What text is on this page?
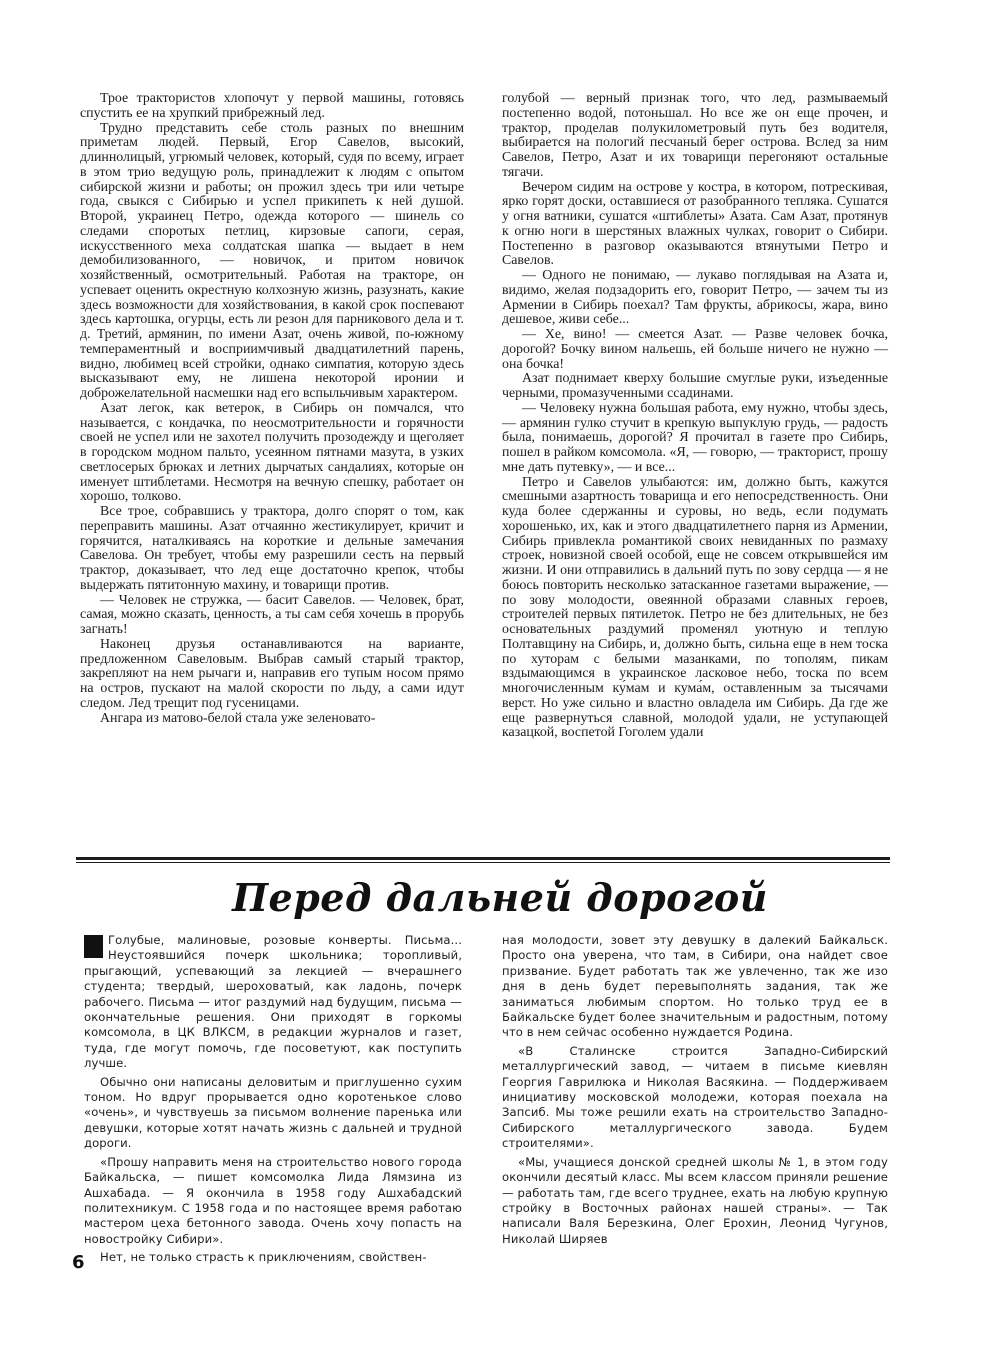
Трое трактористов хлопочут у первой машины, готовясь спустить ее на хрупкий прибрежный лед.

Трудно представить себе столь разных по внешним приметам людей. Первый, Егор Савелов, высокий, длиннолицый, угрюмый человек, который, судя по всему, играет в этом трио ведущую роль, принадлежит к людям с опытом сибирской жизни и работы; он прожил здесь три или четыре года, свыкся с Сибирью и успел прикипеть к ней душой. Второй, украинец Петро, одежда которого — шинель со следами споротых петлиц, кирзовые сапоги, серая, искусственного меха солдатская шапка — выдает в нем демобилизованного, — новичок, и притом новичок хозяйственный, осмотрительный. Работая на тракторе, он успевает оценить окрестную колхозную жизнь, разузнать, какие здесь возможности для хозяйствования, в какой срок поспевают здесь картошка, огурцы, есть ли резон для парникового дела и т. д. Третий, армянин, по имени Азат, очень живой, по-южному темпераментный и восприимчивый двадцатилетний парень, видно, любимец всей стройки, однако симпатия, которую здесь высказывают ему, не лишена некоторой иронии и доброжелательной насмешки над его вспыльчивым характером.

Азат легок, как ветерок, в Сибирь он помчался, что называется, с кондачка, по неосмотрительности и горячности своей не успел или не захотел получить прозодежду и щеголяет в городском модном пальто, усеянном пятнами мазута, в узких светлосерых брюках и летних дырчатых сандалиях, которые он именует штиблетами. Несмотря на вечную спешку, работает он хорошо, толково.

Все трое, собравшись у трактора, долго спорят о том, как переправить машины. Азат отчаянно жестикулирует, кричит и горячится, наталкиваясь на короткие и дельные замечания Савелова. Он требует, чтобы ему разрешили сесть на первый трактор, доказывает, что лед еще достаточно крепок, чтобы выдержать пятитонную махину, и товарищи против.

— Человек не стружка, — басит Савелов. — Человек, брат, самая, можно сказать, ценность, а ты сам себя хочешь в прорубь загнать!

Наконец друзья останавливаются на варианте, предложенном Савеловым. Выбрав самый старый трактор, закрепляют на нем рычаги и, направив его тупым носом прямо на остров, пускают на малой скорости по льду, а сами идут следом. Лед трещит под гусеницами.

Ангара из матово-белой стала уже зеленовато-

голубой — верный признак того, что лед, размываемый постепенно водой, потоньшал. Но все же он еще прочен, и трактор, проделав полукилометровый путь без водителя, выбирается на пологий песчаный берег острова. Вслед за ним Савелов, Петро, Азат и их товарищи перегоняют остальные тягачи.

Вечером сидим на острове у костра, в котором, потрескивая, ярко горят доски, оставшиеся от разобранного тепляка. Сушатся у огня ватники, сушатся «штиблеты» Азата. Сам Азат, протянув к огню ноги в шерстяных влажных чулках, говорит о Сибири. Постепенно в разговор оказываются втянутыми Петро и Савелов.

— Одного не понимаю, — лукаво поглядывая на Азата и, видимо, желая подзадорить его, говорит Петро, — зачем ты из Армении в Сибирь поехал? Там фрукты, абрикосы, жара, вино дешевое, живи себе...

— Хе, вино! — смеется Азат. — Разве человек бочка, дорогой? Бочку вином нальешь, ей больше ничего не нужно — она бочка!

Азат поднимает кверху большие смуглые руки, изъеденные черными, промазученными ссадинами.

— Человеку нужна большая работа, ему нужно, чтобы здесь, — армянин гулко стучит в крепкую выпуклую грудь, — радость была, понимаешь, дорогой? Я прочитал в газете про Сибирь, пошел в райком комсомола. «Я, — говорю, — тракторист, прошу мне дать путевку», — и все...

Петро и Савелов улыбаются: им, должно быть, кажутся смешными азартность товарища и его непосредственность. Они куда более сдержанны и суровы, но ведь, если подумать хорошенько, их, как и этого двадцатилетнего парня из Армении, Сибирь привлекла романтикой своих невиданных по размаху строек, новизной своей особой, еще не совсем открывшейся им жизни. И они отправились в дальний путь по зову сердца — я не боюсь повторить несколько затасканное газетами выражение, — по зову молодости, овеянной образами славных героев, строителей первых пятилеток. Петро не без длительных, не без основательных раздумий променял уютную и теплую Полтавщину на Сибирь, и, должно быть, сильна еще в нем тоска по хуторам с белыми мазанками, по тополям, пикам вздымающимся в украинское ласковое небо, тоска по всем многочисленным ку́мам и кума́м, оставленным за тысячами верст. Но уже сильно и властно овладела им Сибирь. Да где же еще развернуться славной, молодой удали, не уступающей казацкой, воспетой Гоголем удали

Перед дальней дорогой

Голубые, малиновые, розовые конверты. Письма... Неустоявшийся почерк школьника; торопливый, прыгающий, успевающий за лекцией — вчерашнего студента; твердый, шероховатый, как ладонь, почерк рабочего. Письма — итог раздумий над будущим, письма — окончательные решения. Они приходят в горкомы комсомола, в ЦК ВЛКСМ, в редакции журналов и газет, туда, где могут помочь, где посоветуют, как поступить лучше.

Обычно они написаны деловитым и приглушенно сухим тоном. Но вдруг прорывается одно коротенькое слово «очень», и чувствуешь за письмом волнение паренька или девушки, которые хотят начать жизнь с дальней и трудной дороги.

«Прошу направить меня на строительство нового города Байкальска, — пишет комсомолка Лида Лямзина из Ашхабада. — Я окончила в 1958 году Ашхабадский политехникум. С 1958 года и по настоящее время работаю мастером цеха бетонного завода. Очень хочу попасть на новостройку Сибири».

Нет, не только страсть к приключениям, свойствен-

ная молодости, зовет эту девушку в далекий Байкальск. Просто она уверена, что там, в Сибири, она найдет свое призвание. Будет работать так же увлеченно, так же изо дня в день будет перевыполнять задания, так же заниматься любимым спортом. Но только труд ее в Байкальске будет более значительным и радостным, потому что в нем сейчас особенно нуждается Родина.

«В Сталинске строится Западно-Сибирский металлургический завод, — читаем в письме киевлян Георгия Гаврилюка и Николая Васякина. — Поддерживаем инициативу московской молодежи, которая поехала на Запсиб. Мы тоже решили ехать на строительство Западно-Сибирского металлургического завода. Будем строителями».

«Мы, учащиеся донской средней школы № 1, в этом году окончили десятый класс. Мы всем классом приняли решение — работать там, где всего труднее, ехать на любую крупную стройку в Восточных районах нашей страны». — Так написали Валя Березкина, Олег Ерохин, Леонид Чугунов, Николай Ширяев

6
